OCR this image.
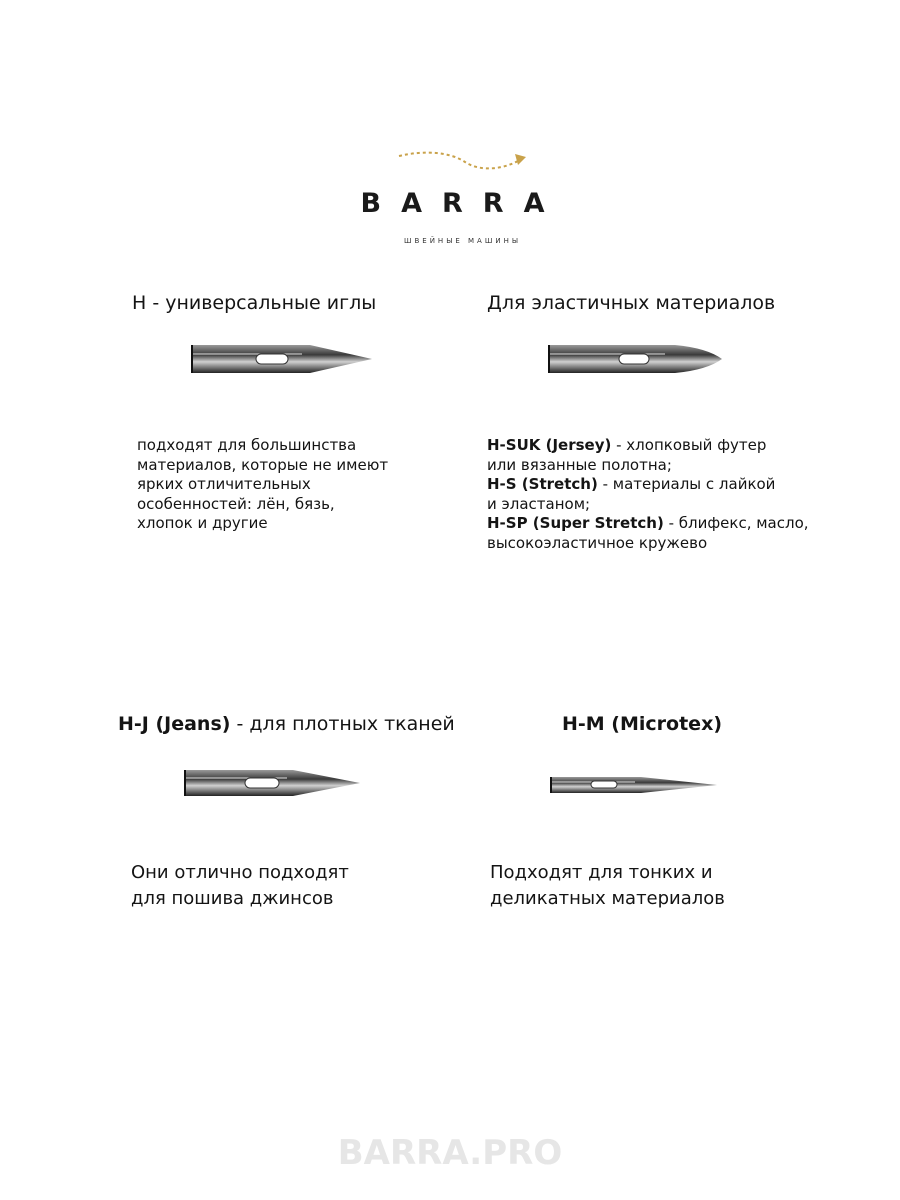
BARRA
ШВЕЙНЫЕ МАШИНЫ
H - универсальные иглы
подходят для большинства
материалов, которые не имеют
ярких отличительных
особенностей: лён, бязь,
хлопок и другие
Для эластичных материалов
H-SUK (Jersey) - хлопковый футер
или вязанные полотна;
H-S (Stretch) - материалы с лайкой
и эластаном;
H-SP (Super Stretch) - блифекс, масло,
высокоэластичное кружево
H-J (Jeans) - для плотных тканей
Они отлично подходят
для пошива джинсов
H-M (Microtex)
Подходят для тонких и
деликатных материалов
BARRA.PRO
